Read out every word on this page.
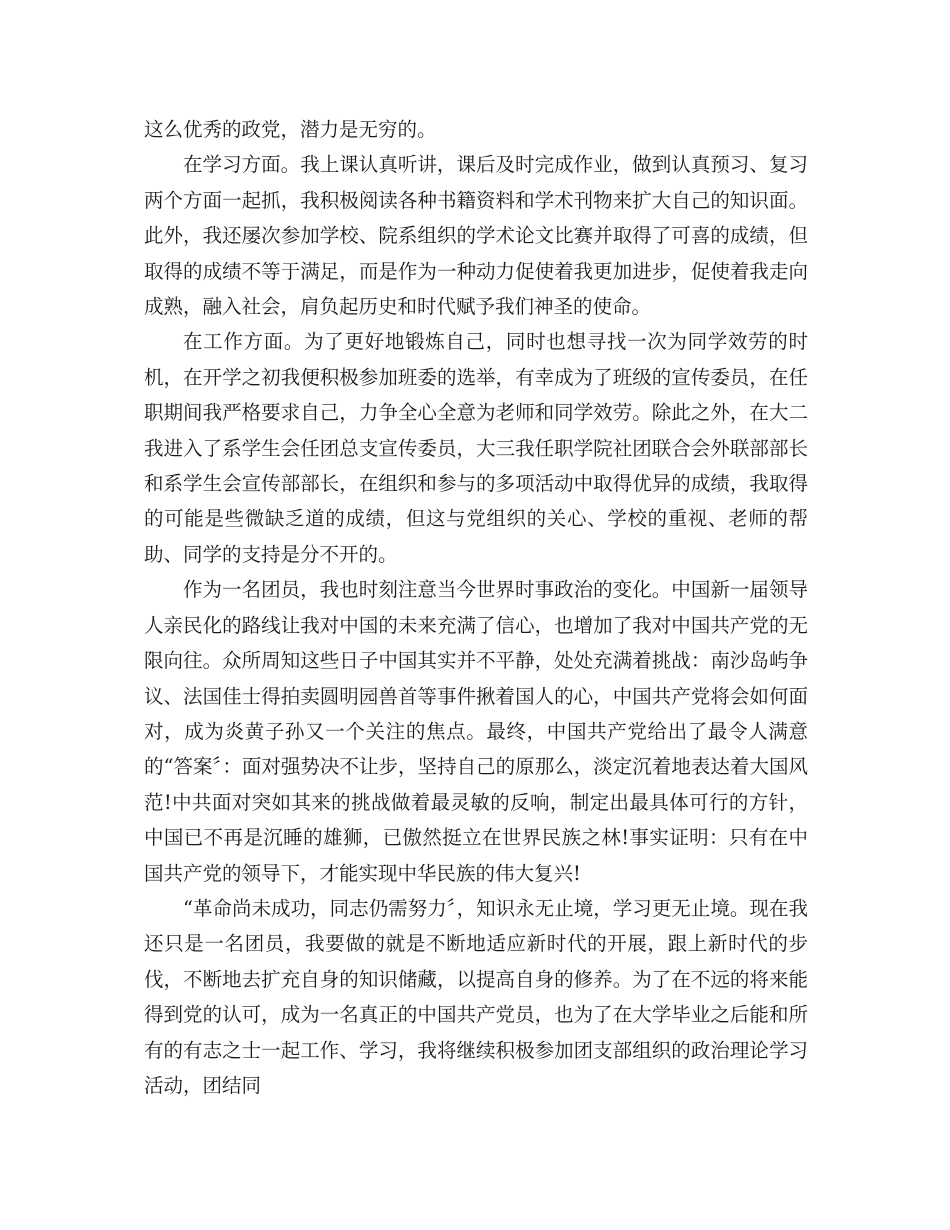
这么优秀的政党，潜力是无穷的。

在学习方面。我上课认真听讲，课后及时完成作业，做到认真预习、复习两个方面一起抓，我积极阅读各种书籍资料和学术刊物来扩大自己的知识面。此外，我还屡次参加学校、院系组织的学术论文比赛并取得了可喜的成绩，但取得的成绩不等于满足，而是作为一种动力促使着我更加进步，促使着我走向成熟，融入社会，肩负起历史和时代赋予我们神圣的使命。

在工作方面。为了更好地锻炼自己，同时也想寻找一次为同学效劳的时机，在开学之初我便积极参加班委的选举，有幸成为了班级的宣传委员，在任职期间我严格要求自己，力争全心全意为老师和同学效劳。除此之外，在大二我进入了系学生会任团总支宣传委员，大三我任职学院社团联合会外联部部长和系学生会宣传部部长，在组织和参与的多项活动中取得优异的成绩，我取得的可能是些微缺乏道的成绩，但这与党组织的关心、学校的重视、老师的帮助、同学的支持是分不开的。

作为一名团员，我也时刻注意当今世界时事政治的变化。中国新一届领导人亲民化的路线让我对中国的未来充满了信心，也增加了我对中国共产党的无限向往。众所周知这些日子中国其实并不平静，处处充满着挑战：南沙岛屿争议、法国佳士得拍卖圆明园兽首等事件揪着国人的心，中国共产党将会如何面对，成为炎黄子孙又一个关注的焦点。最终，中国共产党给出了最令人满意的“答案〞：面对强势决不让步，坚持自己的原那么，淡定沉着地表达着大国风范!中共面对突如其来的挑战做着最灵敏的反响，制定出最具体可行的方针，中国已不再是沉睡的雄狮，已傲然挺立在世界民族之林!事实证明：只有在中国共产党的领导下，才能实现中华民族的伟大复兴!

“革命尚未成功，同志仍需努力〞，知识永无止境，学习更无止境。现在我还只是一名团员，我要做的就是不断地适应新时代的开展，跟上新时代的步伐，不断地去扩充自身的知识储藏，以提高自身的修养。为了在不远的将来能得到党的认可，成为一名真正的中国共产党员，也为了在大学毕业之后能和所有的有志之士一起工作、学习，我将继续积极参加团支部组织的政治理论学习活动，团结同
